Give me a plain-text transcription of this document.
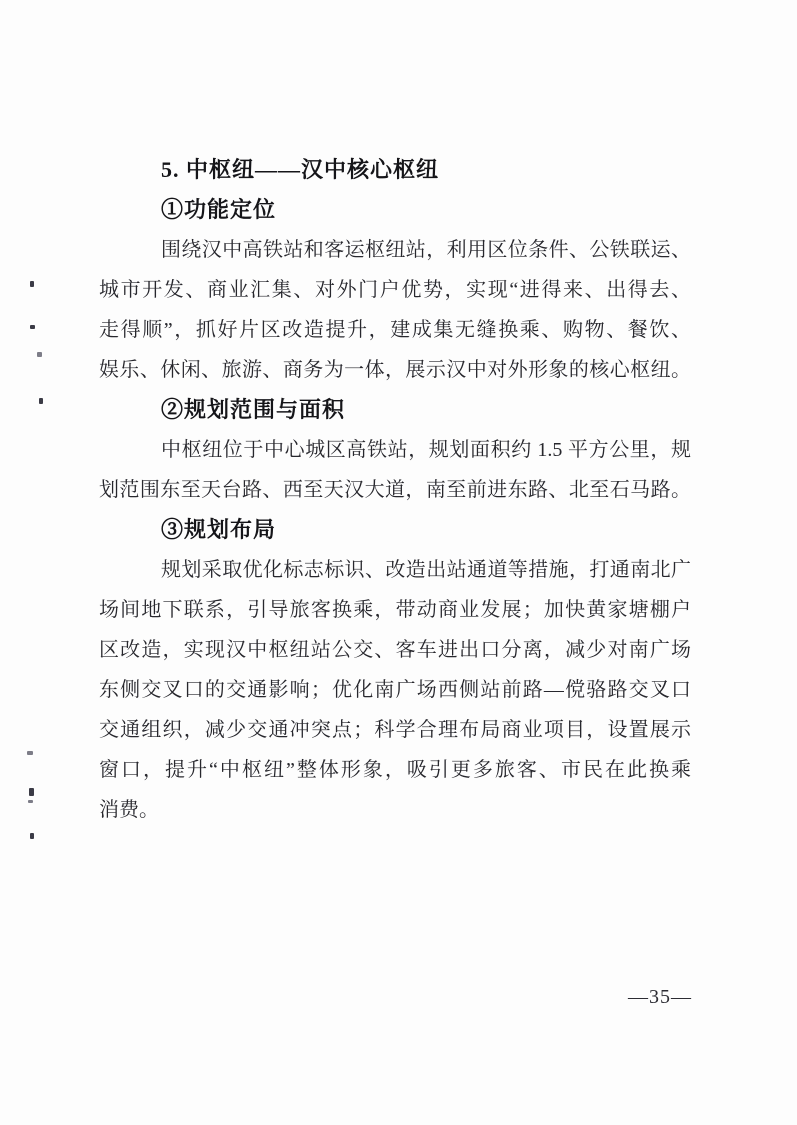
5. 中枢纽——汉中核心枢纽
①功能定位
围绕汉中高铁站和客运枢纽站，利用区位条件、公铁联运、
城市开发、商业汇集、对外门户优势，实现“进得来、出得去、
走得顺”，抓好片区改造提升，建成集无缝换乘、购物、餐饮、
娱乐、休闲、旅游、商务为一体，展示汉中对外形象的核心枢纽。
②规划范围与面积
中枢纽位于中心城区高铁站，规划面积约 1.5 平方公里，规
划范围东至天台路、西至天汉大道，南至前进东路、北至石马路。
③规划布局
规划采取优化标志标识、改造出站通道等措施，打通南北广
场间地下联系，引导旅客换乘，带动商业发展；加快黄家塘棚户
区改造，实现汉中枢纽站公交、客车进出口分离，减少对南广场
东侧交叉口的交通影响；优化南广场西侧站前路—傥骆路交叉口
交通组织，减少交通冲突点；科学合理布局商业项目，设置展示
窗口，提升“中枢纽”整体形象，吸引更多旅客、市民在此换乘
消费。
—35—
